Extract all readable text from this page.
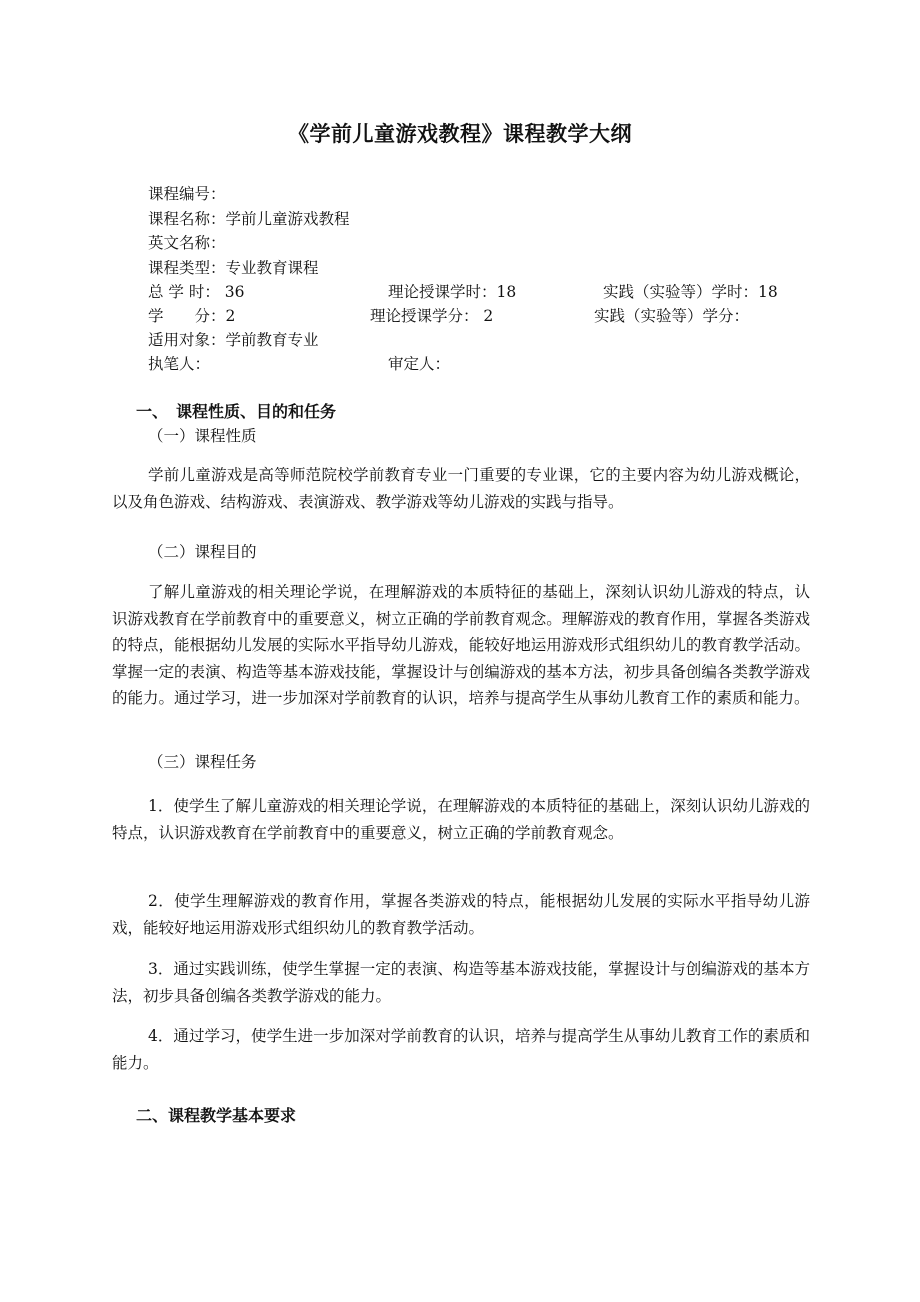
《学前儿童游戏教程》课程教学大纲
课程编号：
课程名称：学前儿童游戏教程
英文名称：
课程类型：专业教育课程
总 学 时： 36	理论授课学时：18	实践（实验等）学时：18
学　　分：2	理论授课学分： 2	实践（实验等）学分：
适用对象：学前教育专业
执笔人：	审定人：
一、　课程性质、目的和任务
（一）课程性质

学前儿童游戏是高等师范院校学前教育专业一门重要的专业课，它的主要内容为幼儿游戏概论，以及角色游戏、结构游戏、表演游戏、教学游戏等幼儿游戏的实践与指导。

（二）课程目的

了解儿童游戏的相关理论学说，在理解游戏的本质特征的基础上，深刻认识幼儿游戏的特点，认识游戏教育在学前教育中的重要意义，树立正确的学前教育观念。理解游戏的教育作用，掌握各类游戏的特点，能根据幼儿发展的实际水平指导幼儿游戏，能较好地运用游戏形式组织幼儿的教育教学活动。掌握一定的表演、构造等基本游戏技能，掌握设计与创编游戏的基本方法，初步具备创编各类教学游戏的能力。通过学习，进一步加深对学前教育的认识，培养与提高学生从事幼儿教育工作的素质和能力。

（三）课程任务

1．使学生了解儿童游戏的相关理论学说，在理解游戏的本质特征的基础上，深刻认识幼儿游戏的特点，认识游戏教育在学前教育中的重要意义，树立正确的学前教育观念。

2．使学生理解游戏的教育作用，掌握各类游戏的特点，能根据幼儿发展的实际水平指导幼儿游戏，能较好地运用游戏形式组织幼儿的教育教学活动。

3．通过实践训练，使学生掌握一定的表演、构造等基本游戏技能，掌握设计与创编游戏的基本方法，初步具备创编各类教学游戏的能力。

4．通过学习，使学生进一步加深对学前教育的认识，培养与提高学生从事幼儿教育工作的素质和能力。

二、课程教学基本要求
